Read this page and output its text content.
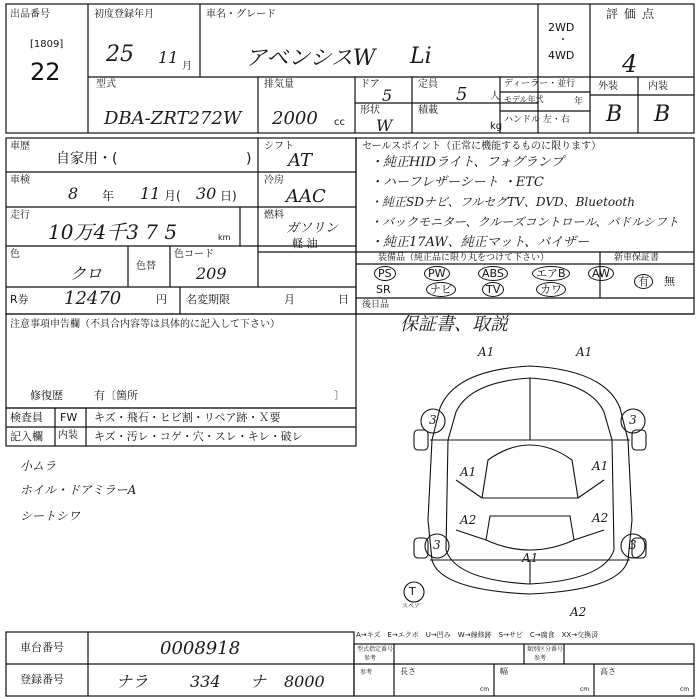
出品番号
[1809]
22
初度登録年月
25 11 月
車名・グレード
アベンシスW Li
2WD
・
4WD
評価点
4
外装	内装
B B
型式
DBA-ZRT272W
排気量
2000 cc
ドア
5
定員 5 人
形状
W
積載
kg
ディーラー・並行
モデル年式	年
ハンドル 左・右
車歴
自家用・(	)
シフト
AT
車検
8 年 11 月( 30 日)
冷房
AAC
走行
10万4千3 7 5	km
燃料
ガソリン
軽 油
色
クロ	色替
色コード
209
R券 12470	円 名変期限	月	日
セールスポイント（正常に機能するものに限ります）
・純正HIDライト、フォグランプ
・ハーフレザーシート ・ETC
・純正SDナビ、フルセグTV、DVD、Bluetooth
・バックモニター、クルーズコントロール、パドルシフト
・純正17AW、純正マット、バイザー
装備品（純正品に限り丸をつけて下さい）	新車保証書
PS	PW	ABS	エアB	AW
SR	ナビ	TV	カワ
有	無
後日品
保証書、取説
注意事項申告欄（不具合内容等は具体的に記入して下さい）
修復歴	有〔箇所	〕
検査員
記入欄
FW キズ・飛石・ヒビ割・リペア跡・Ｘ要
内装 キズ・汚レ・コゲ・穴・スレ・キレ・破レ
小ムラ
ホイル・ドアミラーA
シートシワ
A1	A1
A1	A1
A2	A2
A1
A2
3	3
3	3
T
スペア
A→キズ　E→エクボ　U→凹み　W→線修跡　S→サビ　C→腐食　XX→交換済
車台番号	0008918
登録番号	ナラ	334 ナ 8000
型式指定番号
参考
類別区分番号
参考
参考	長さ	幅	高さ
cm	cm	cm
